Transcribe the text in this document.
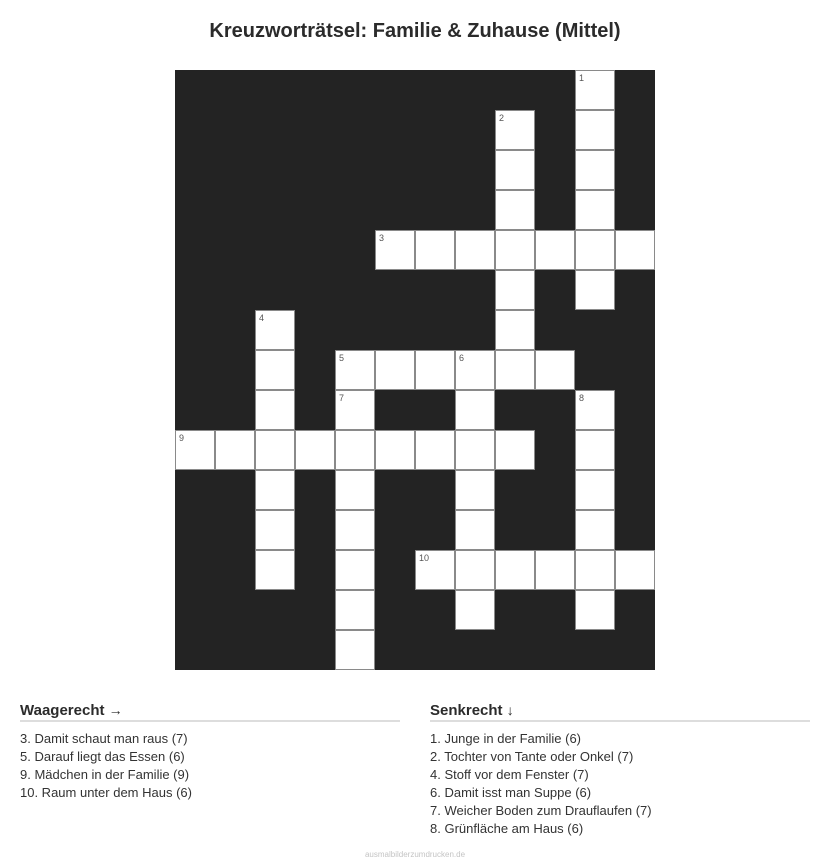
Kreuzworträtsel: Familie & Zuhause (Mittel)
1
2
3
4
5	6
7	8
9
10
Waagerecht →
3. Damit schaut man raus (7)
5. Darauf liegt das Essen (6)
9. Mädchen in der Familie (9)
10. Raum unter dem Haus (6)
Senkrecht ↓
1. Junge in der Familie (6)
2. Tochter von Tante oder Onkel (7)
4. Stoff vor dem Fenster (7)
6. Damit isst man Suppe (6)
7. Weicher Boden zum Drauflaufen (7)
8. Grünfläche am Haus (6)
ausmalbilderzumdrucken.de
